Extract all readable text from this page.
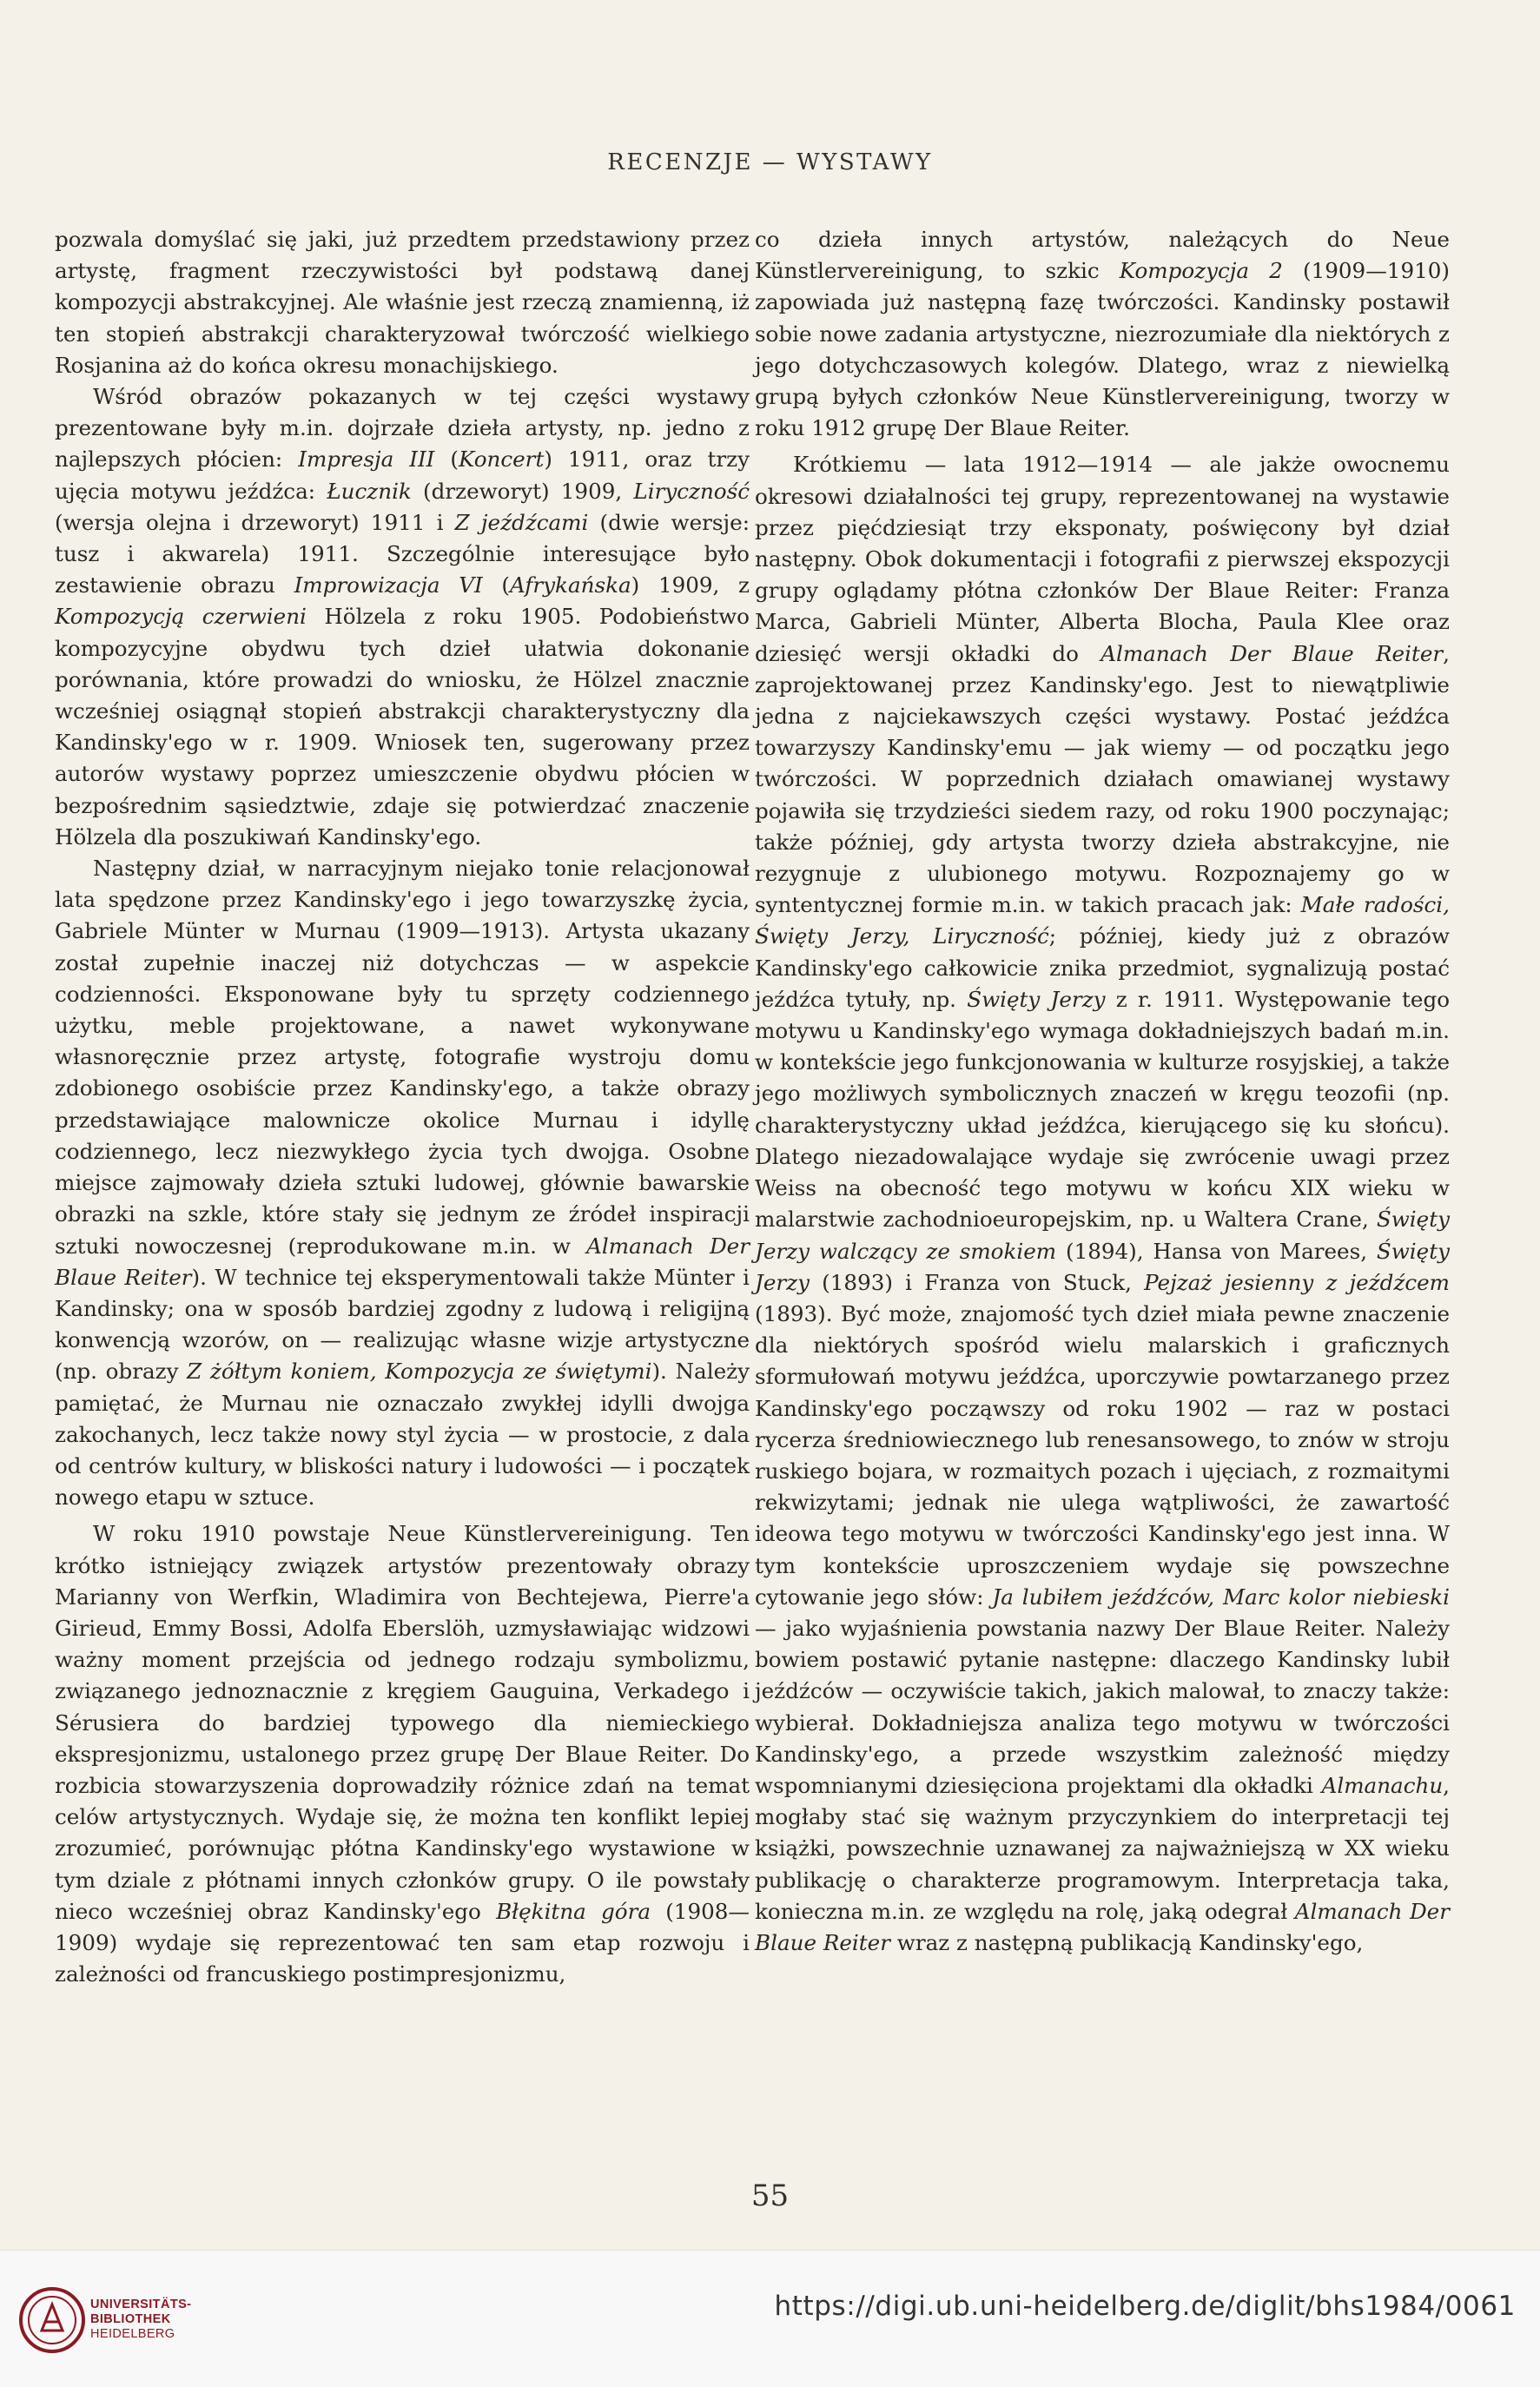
RECENZJE — WYSTAWY

pozwala domyślać się jaki, już przedtem przedstawiony przez artystę, fragment rzeczywistości był podstawą danej kompozycji abstrakcyjnej. Ale właśnie jest rzeczą znamienną, iż ten stopień abstrakcji charakteryzował twórczość wielkiego Rosjanina aż do końca okresu monachijskiego.

Wśród obrazów pokazanych w tej części wystawy prezentowane były m.in. dojrzałe dzieła artysty, np. jedno z najlepszych płócien: Impresja III (Koncert) 1911, oraz trzy ujęcia motywu jeźdźca: Łucznik (drzeworyt) 1909, Liryczność (wersja olejna i drzeworyt) 1911 i Z jeźdźcami (dwie wersje: tusz i akwarela) 1911. Szczególnie interesujące było zestawienie obrazu Improwizacja VI (Afrykańska) 1909, z Kompozycją czerwieni Hölzela z roku 1905. Podobieństwo kompozycyjne obydwu tych dzieł ułatwia dokonanie porównania, które prowadzi do wniosku, że Hölzel znacznie wcześniej osiągnął stopień abstrakcji charakterystyczny dla Kandinsky'ego w r. 1909. Wniosek ten, sugerowany przez autorów wystawy poprzez umieszczenie obydwu płócien w bezpośrednim sąsiedztwie, zdaje się potwierdzać znaczenie Hölzela dla poszukiwań Kandinsky'ego.

Następny dział, w narracyjnym niejako tonie relacjonował lata spędzone przez Kandinsky'ego i jego towarzyszkę życia, Gabriele Münter w Murnau (1909—1913). Artysta ukazany został zupełnie inaczej niż dotychczas — w aspekcie codzienności. Eksponowane były tu sprzęty codziennego użytku, meble projektowane, a nawet wykonywane własnoręcznie przez artystę, fotografie wystroju domu zdobionego osobiście przez Kandinsky'ego, a także obrazy przedstawiające malownicze okolice Murnau i idyllę codziennego, lecz niezwykłego życia tych dwojga. Osobne miejsce zajmowały dzieła sztuki ludowej, głównie bawarskie obrazki na szkle, które stały się jednym ze źródeł inspiracji sztuki nowoczesnej (reprodukowane m.in. w Almanach Der Blaue Reiter). W technice tej eksperymentowali także Münter i Kandinsky; ona w sposób bardziej zgodny z ludową i religijną konwencją wzorów, on — realizując własne wizje artystyczne (np. obrazy Z żółtym koniem, Kompozycja ze świętymi). Należy pamiętać, że Murnau nie oznaczało zwykłej idylli dwojga zakochanych, lecz także nowy styl życia — w prostocie, z dala od centrów kultury, w bliskości natury i ludowości — i początek nowego etapu w sztuce.

W roku 1910 powstaje Neue Künstlervereinigung. Ten krótko istniejący związek artystów prezentowały obrazy Marianny von Werfkin, Wladimira von Bechtejewa, Pierre'a Girieud, Emmy Bossi, Adolfa Eberslöh, uzmysławiając widzowi ważny moment przejścia od jednego rodzaju symbolizmu, związanego jednoznacznie z kręgiem Gauguina, Verkadego i Sérusiera do bardziej typowego dla niemieckiego ekspresjonizmu, ustalonego przez grupę Der Blaue Reiter. Do rozbicia stowarzyszenia doprowadziły różnice zdań na temat celów artystycznych. Wydaje się, że można ten konflikt lepiej zrozumieć, porównując płótna Kandinsky'ego wystawione w tym dziale z płótnami innych członków grupy. O ile powstały nieco wcześniej obraz Kandinsky'ego Błękitna góra (1908—1909) wydaje się reprezentować ten sam etap rozwoju i zależności od francuskiego postimpresjonizmu,

co dzieła innych artystów, należących do Neue Künstlervereinigung, to szkic Kompozycja 2 (1909—1910) zapowiada już następną fazę twórczości. Kandinsky postawił sobie nowe zadania artystyczne, niezrozumiałe dla niektórych z jego dotychczasowych kolegów. Dlatego, wraz z niewielką grupą byłych członków Neue Künstlervereinigung, tworzy w roku 1912 grupę Der Blaue Reiter.

Krótkiemu — lata 1912—1914 — ale jakże owocnemu okresowi działalności tej grupy, reprezentowanej na wystawie przez pięćdziesiąt trzy eksponaty, poświęcony był dział następny. Obok dokumentacji i fotografii z pierwszej ekspozycji grupy oglądamy płótna członków Der Blaue Reiter: Franza Marca, Gabrieli Münter, Alberta Blocha, Paula Klee oraz dziesięć wersji okładki do Almanach Der Blaue Reiter, zaprojektowanej przez Kandinsky'ego. Jest to niewątpliwie jedna z najciekawszych części wystawy. Postać jeźdźca towarzyszy Kandinsky'emu — jak wiemy — od początku jego twórczości. W poprzednich działach omawianej wystawy pojawiła się trzydzieści siedem razy, od roku 1900 poczynając; także później, gdy artysta tworzy dzieła abstrakcyjne, nie rezygnuje z ulubionego motywu. Rozpoznajemy go w syntentycznej formie m.in. w takich pracach jak: Małe radości, Święty Jerzy, Liryczność; później, kiedy już z obrazów Kandinsky'ego całkowicie znika przedmiot, sygnalizują postać jeźdźca tytuły, np. Święty Jerzy z r. 1911. Występowanie tego motywu u Kandinsky'ego wymaga dokładniejszych badań m.in. w kontekście jego funkcjonowania w kulturze rosyjskiej, a także jego możliwych symbolicznych znaczeń w kręgu teozofii (np. charakterystyczny układ jeźdźca, kierującego się ku słońcu). Dlatego niezadowalające wydaje się zwrócenie uwagi przez Weiss na obecność tego motywu w końcu XIX wieku w malarstwie zachodnioeuropejskim, np. u Waltera Crane, Święty Jerzy walczący ze smokiem (1894), Hansa von Marees, Święty Jerzy (1893) i Franza von Stuck, Pejzaż jesienny z jeźdźcem (1893). Być może, znajomość tych dzieł miała pewne znaczenie dla niektórych spośród wielu malarskich i graficznych sformułowań motywu jeźdźca, uporczywie powtarzanego przez Kandinsky'ego począwszy od roku 1902 — raz w postaci rycerza średniowiecznego lub renesansowego, to znów w stroju ruskiego bojara, w rozmaitych pozach i ujęciach, z rozmaitymi rekwizytami; jednak nie ulega wątpliwości, że zawartość ideowa tego motywu w twórczości Kandinsky'ego jest inna. W tym kontekście uproszczeniem wydaje się powszechne cytowanie jego słów: Ja lubiłem jeźdźców, Marc kolor niebieski — jako wyjaśnienia powstania nazwy Der Blaue Reiter. Należy bowiem postawić pytanie następne: dlaczego Kandinsky lubił jeźdźców — oczywiście takich, jakich malował, to znaczy także: wybierał. Dokładniejsza analiza tego motywu w twórczości Kandinsky'ego, a przede wszystkim zależność między wspomnianymi dziesięciona projektami dla okładki Almanachu, mogłaby stać się ważnym przyczynkiem do interpretacji tej książki, powszechnie uznawanej za najważniejszą w XX wieku publikację o charakterze programowym. Interpretacja taka, konieczna m.in. ze względu na rolę, jaką odegrał Almanach Der Blaue Reiter wraz z następną publikacją Kandinsky'ego,

55
UNIVERSITÄTS-
BIBLIOTHEK
HEIDELBERG
https://digi.ub.uni-heidelberg.de/diglit/bhs1984/0061
